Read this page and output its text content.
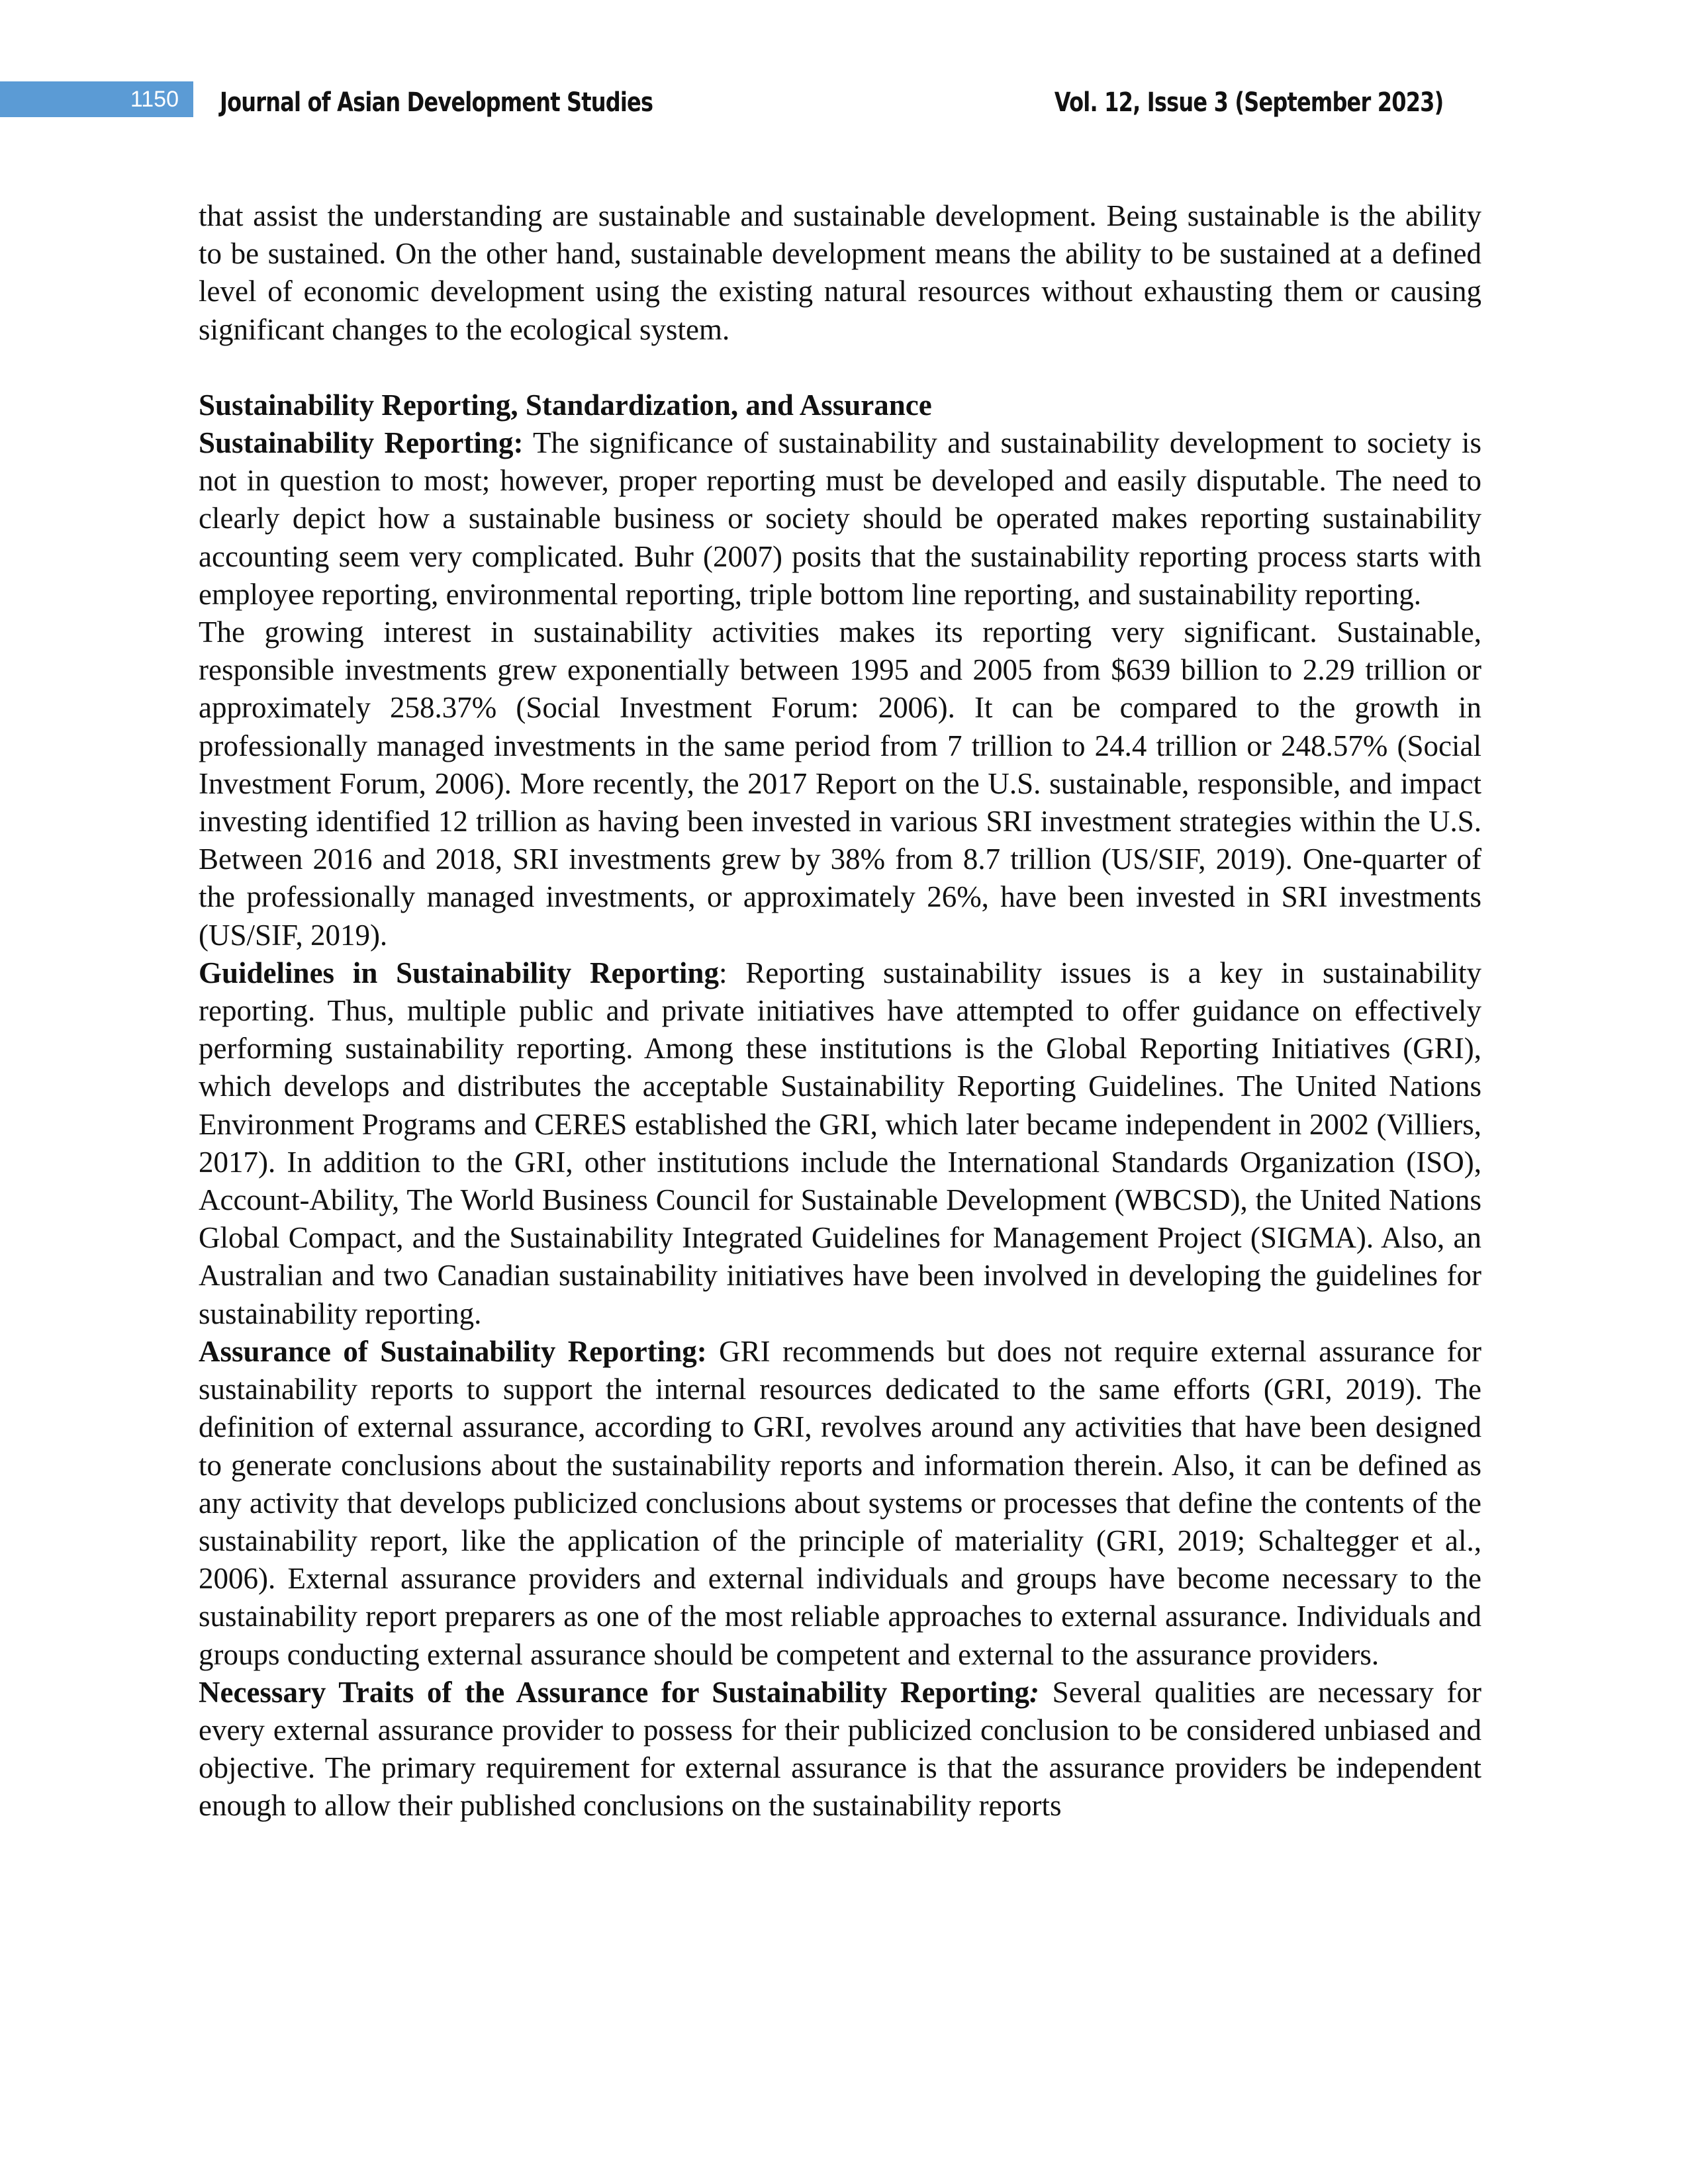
1150	Journal of Asian Development Studies	Vol. 12, Issue 3 (September 2023)

that assist the understanding are sustainable and sustainable development. Being sustainable is the ability to be sustained. On the other hand, sustainable development means the ability to be sustained at a defined level of economic development using the existing natural resources without exhausting them or causing significant changes to the ecological system.

Sustainability Reporting, Standardization, and Assurance

Sustainability Reporting: The significance of sustainability and sustainability development to society is not in question to most; however, proper reporting must be developed and easily disputable. The need to clearly depict how a sustainable business or society should be operated makes reporting sustainability accounting seem very complicated. Buhr (2007) posits that the sustainability reporting process starts with employee reporting, environmental reporting, triple bottom line reporting, and sustainability reporting.

The growing interest in sustainability activities makes its reporting very significant. Sustainable, responsible investments grew exponentially between 1995 and 2005 from $639 billion to 2.29 trillion or approximately 258.37% (Social Investment Forum: 2006). It can be compared to the growth in professionally managed investments in the same period from 7 trillion to 24.4 trillion or 248.57% (Social Investment Forum, 2006). More recently, the 2017 Report on the U.S. sustainable, responsible, and impact investing identified 12 trillion as having been invested in various SRI investment strategies within the U.S. Between 2016 and 2018, SRI investments grew by 38% from 8.7 trillion (US/SIF, 2019). One-quarter of the professionally managed investments, or approximately 26%, have been invested in SRI investments (US/SIF, 2019).

Guidelines in Sustainability Reporting: Reporting sustainability issues is a key in sustainability reporting. Thus, multiple public and private initiatives have attempted to offer guidance on effectively performing sustainability reporting. Among these institutions is the Global Reporting Initiatives (GRI), which develops and distributes the acceptable Sustainability Reporting Guidelines. The United Nations Environment Programs and CERES established the GRI, which later became independent in 2002 (Villiers, 2017). In addition to the GRI, other institutions include the International Standards Organization (ISO), Account-Ability, The World Business Council for Sustainable Development (WBCSD), the United Nations Global Compact, and the Sustainability Integrated Guidelines for Management Project (SIGMA). Also, an Australian and two Canadian sustainability initiatives have been involved in developing the guidelines for sustainability reporting.

Assurance of Sustainability Reporting: GRI recommends but does not require external assurance for sustainability reports to support the internal resources dedicated to the same efforts (GRI, 2019). The definition of external assurance, according to GRI, revolves around any activities that have been designed to generate conclusions about the sustainability reports and information therein. Also, it can be defined as any activity that develops publicized conclusions about systems or processes that define the contents of the sustainability report, like the application of the principle of materiality (GRI, 2019; Schaltegger et al., 2006). External assurance providers and external individuals and groups have become necessary to the sustainability report preparers as one of the most reliable approaches to external assurance. Individuals and groups conducting external assurance should be competent and external to the assurance providers.

Necessary Traits of the Assurance for Sustainability Reporting: Several qualities are necessary for every external assurance provider to possess for their publicized conclusion to be considered unbiased and objective. The primary requirement for external assurance is that the assurance providers be independent enough to allow their published conclusions on the sustainability reports
